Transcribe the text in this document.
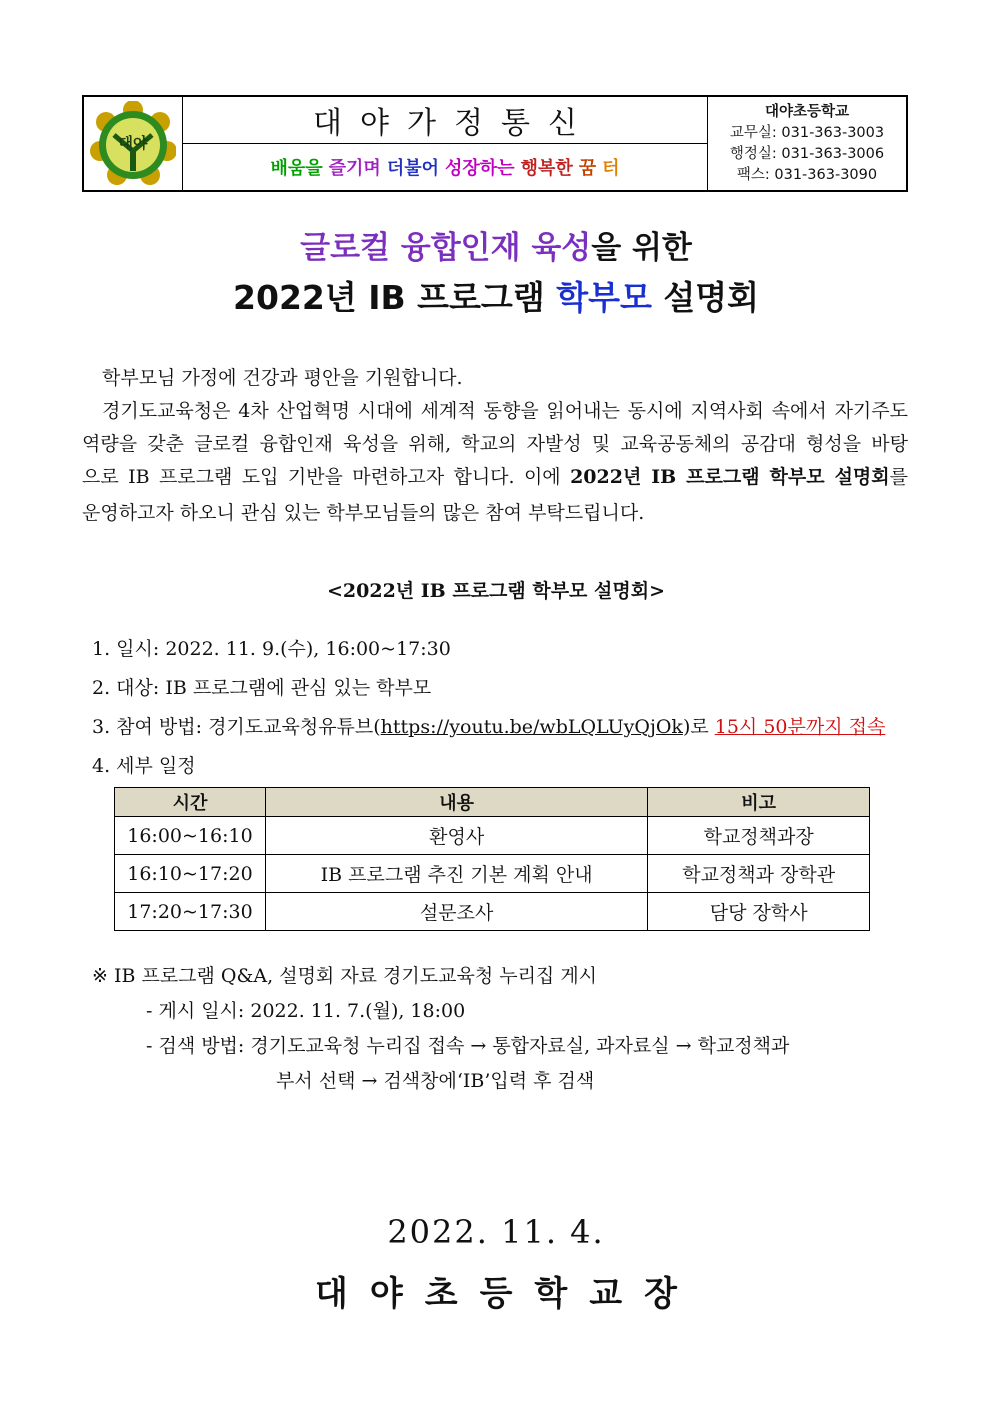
대야
대야가정통신
배움을 즐기며 더불어 성장하는 행복한 꿈 터
대야초등학교
교무실: 031-363-3003
행정실: 031-363-3006
팩스: 031-363-3090
글로컬 융합인재 육성을 위한
2022년 IB 프로그램 학부모 설명회
학부모님 가정에 건강과 평안을 기원합니다.
경기도교육청은 4차 산업혁명 시대에 세계적 동향을 읽어내는 동시에 지역사회 속에서 자기주도
역량을 갖춘 글로컬 융합인재 육성을 위해, 학교의 자발성 및 교육공동체의 공감대 형성을 바탕
으로 IB 프로그램 도입 기반을 마련하고자 합니다. 이에 2022년 IB 프로그램 학부모 설명회를
운영하고자 하오니 관심 있는 학부모님들의 많은 참여 부탁드립니다.
<2022년 IB 프로그램 학부모 설명회>
1. 일시: 2022. 11. 9.(수), 16:00~17:30
2. 대상: IB 프로그램에 관심 있는 학부모
3. 참여 방법: 경기도교육청유튜브(https://youtu.be/wbLQLUyQjOk)로 15시 50분까지 접속
4. 세부 일정
시간	내용	비고
16:00~16:10	환영사	학교정책과장
16:10~17:20	IB 프로그램 추진 기본 계획 안내	학교정책과 장학관
17:20~17:30	설문조사	담당 장학사
※ IB 프로그램 Q&A, 설명회 자료 경기도교육청 누리집 게시
- 게시 일시: 2022. 11. 7.(월), 18:00
- 검색 방법: 경기도교육청 누리집 접속 → 통합자료실, 과자료실 → 학교정책과
부서 선택 → 검색창에‘IB’입력 후 검색
2022. 11. 4.
대야초등학교장
